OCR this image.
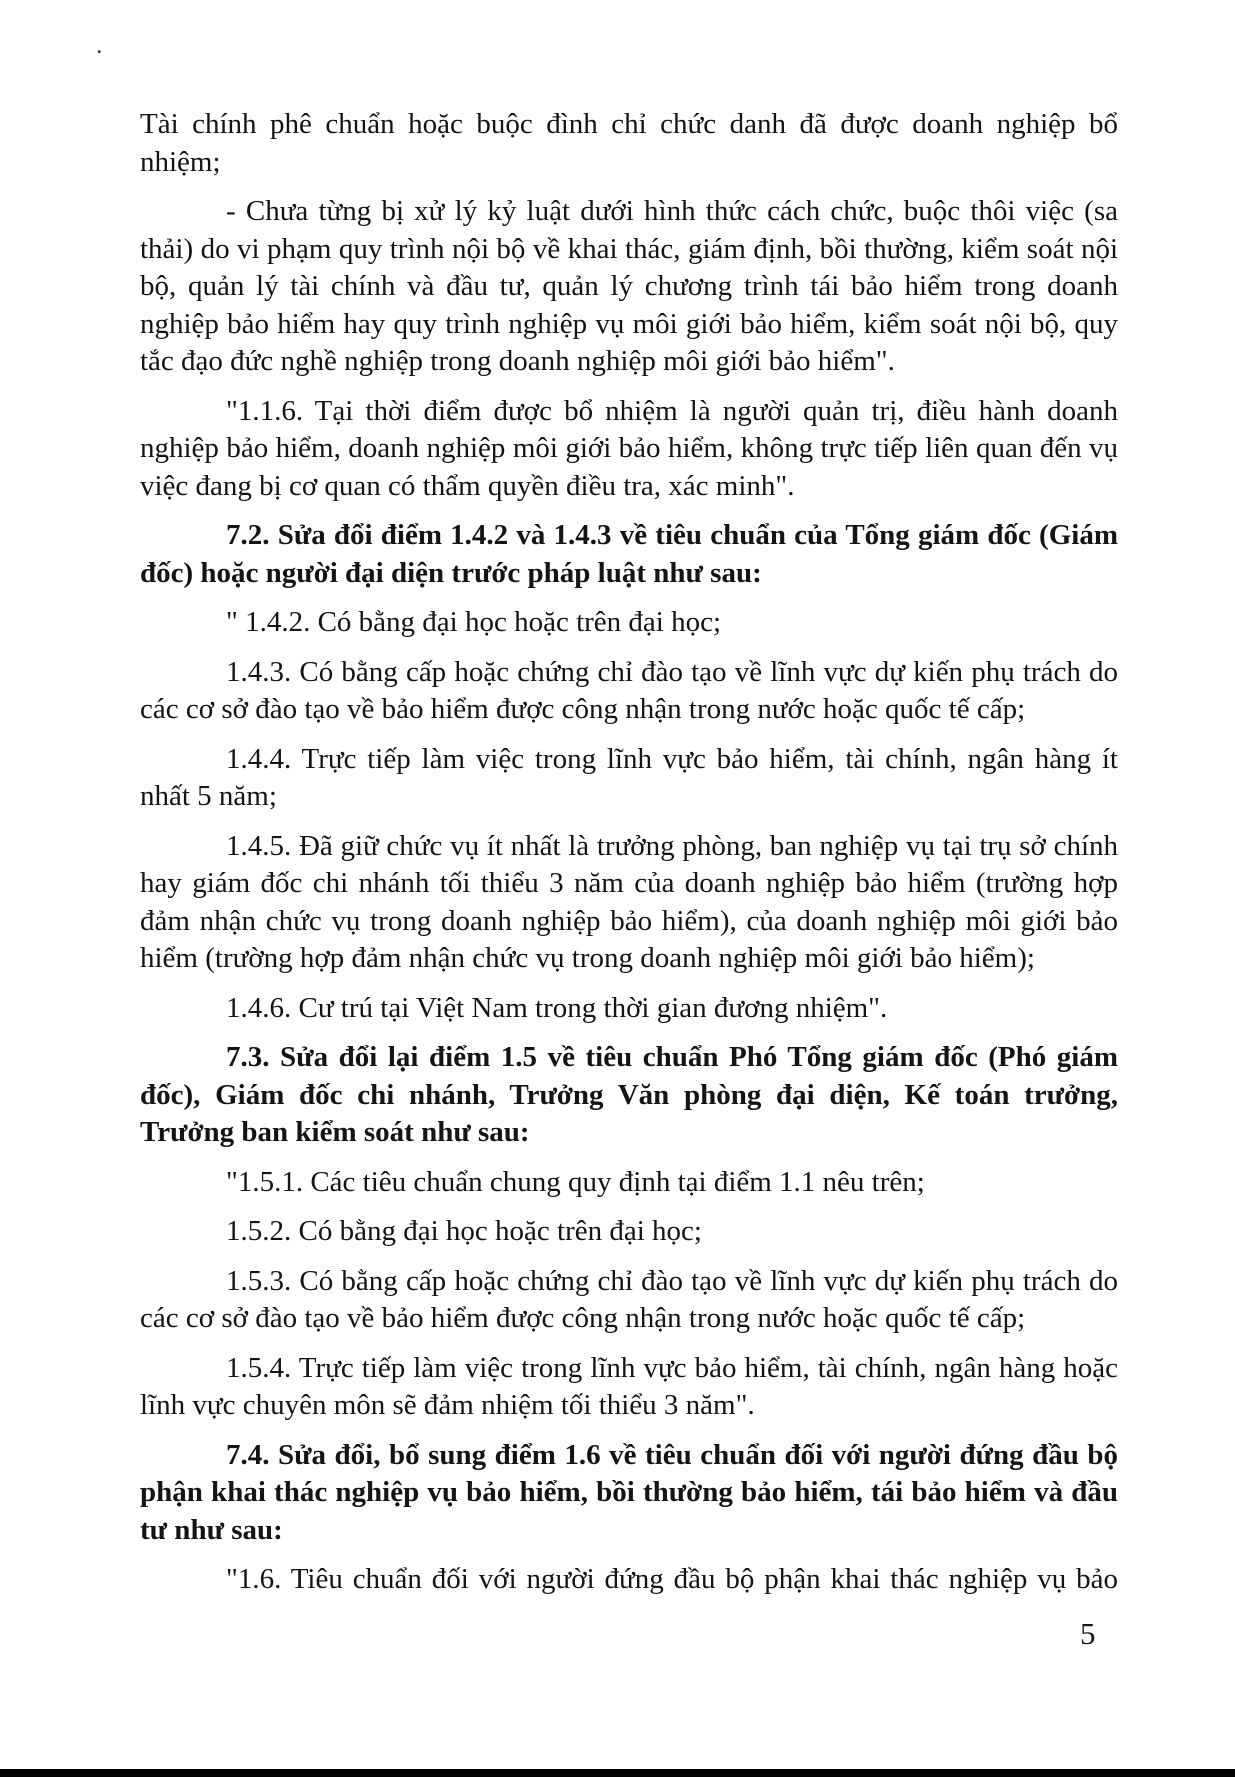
.

Tài chính phê chuẩn hoặc buộc đình chỉ chức danh đã được doanh nghiệp bổ nhiệm;

- Chưa từng bị xử lý kỷ luật dưới hình thức cách chức, buộc thôi việc (sa thải) do vi phạm quy trình nội bộ về khai thác, giám định, bồi thường, kiểm soát nội bộ, quản lý tài chính và đầu tư, quản lý chương trình tái bảo hiểm trong doanh nghiệp bảo hiểm hay quy trình nghiệp vụ môi giới bảo hiểm, kiểm soát nội bộ, quy tắc đạo đức nghề nghiệp trong doanh nghiệp môi giới bảo hiểm".

"1.1.6. Tại thời điểm được bổ nhiệm là người quản trị, điều hành doanh nghiệp bảo hiểm, doanh nghiệp môi giới bảo hiểm, không trực tiếp liên quan đến vụ việc đang bị cơ quan có thẩm quyền điều tra, xác minh".

7.2. Sửa đổi điểm 1.4.2 và 1.4.3 về tiêu chuẩn của Tổng giám đốc (Giám đốc) hoặc người đại diện trước pháp luật như sau:

" 1.4.2. Có bằng đại học hoặc trên đại học;

1.4.3. Có bằng cấp hoặc chứng chỉ đào tạo về lĩnh vực dự kiến phụ trách do các cơ sở đào tạo về bảo hiểm được công nhận trong nước hoặc quốc tế cấp;

1.4.4. Trực tiếp làm việc trong lĩnh vực bảo hiểm, tài chính, ngân hàng ít nhất 5 năm;

1.4.5. Đã giữ chức vụ ít nhất là trưởng phòng, ban nghiệp vụ tại trụ sở chính hay giám đốc chi nhánh tối thiểu 3 năm của doanh nghiệp bảo hiểm (trường hợp đảm nhận chức vụ trong doanh nghiệp bảo hiểm), của doanh nghiệp môi giới bảo hiểm (trường hợp đảm nhận chức vụ trong doanh nghiệp môi giới bảo hiểm);

1.4.6. Cư trú tại Việt Nam trong thời gian đương nhiệm".

7.3. Sửa đổi lại điểm 1.5 về tiêu chuẩn Phó Tổng giám đốc (Phó giám đốc), Giám đốc chi nhánh, Trưởng Văn phòng đại diện, Kế toán trưởng, Trưởng ban kiểm soát như sau:

"1.5.1. Các tiêu chuẩn chung quy định tại điểm 1.1 nêu trên;

1.5.2. Có bằng đại học hoặc trên đại học;

1.5.3. Có bằng cấp hoặc chứng chỉ đào tạo về lĩnh vực dự kiến phụ trách do các cơ sở đào tạo về bảo hiểm được công nhận trong nước hoặc quốc tế cấp;

1.5.4. Trực tiếp làm việc trong lĩnh vực bảo hiểm, tài chính, ngân hàng hoặc lĩnh vực chuyên môn sẽ đảm nhiệm tối thiểu 3 năm".

7.4. Sửa đổi, bổ sung điểm 1.6 về tiêu chuẩn đối với người đứng đầu bộ phận khai thác nghiệp vụ bảo hiểm, bồi thường bảo hiểm, tái bảo hiểm và đầu tư như sau:

"1.6. Tiêu chuẩn đối với người đứng đầu bộ phận khai thác nghiệp vụ bảo

5
